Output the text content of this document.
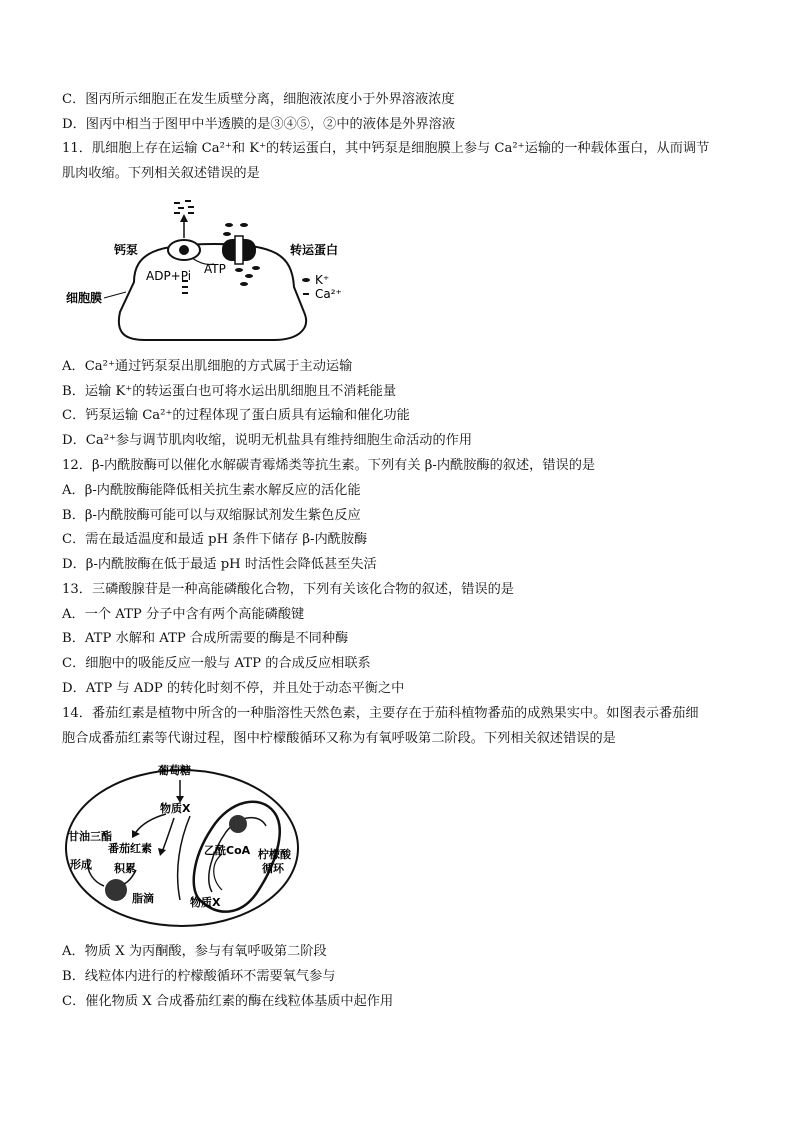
C．图丙所示细胞正在发生质壁分离，细胞液浓度小于外界溶液浓度
D．图丙中相当于图甲中半透膜的是③④⑤，②中的液体是外界溶液
11．肌细胞上存在运输 Ca²⁺和 K⁺的转运蛋白，其中钙泵是细胞膜上参与 Ca²⁺运输的一种载体蛋白，从而调节
肌肉收缩。下列相关叙述错误的是
钙泵	转运蛋白
ADP+Pi ATP
细胞膜
K⁺
Ca²⁺
A．Ca²⁺通过钙泵泵出肌细胞的方式属于主动运输
B．运输 K⁺的转运蛋白也可将水运出肌细胞且不消耗能量
C．钙泵运输 Ca²⁺的过程体现了蛋白质具有运输和催化功能
D．Ca²⁺参与调节肌肉收缩，说明无机盐具有维持细胞生命活动的作用
12．β-内酰胺酶可以催化水解碳青霉烯类等抗生素。下列有关 β-内酰胺酶的叙述，错误的是
A．β-内酰胺酶能降低相关抗生素水解反应的活化能
B．β-内酰胺酶可能可以与双缩脲试剂发生紫色反应
C．需在最适温度和最适 pH 条件下储存 β-内酰胺酶
D．β-内酰胺酶在低于最适 pH 时活性会降低甚至失活
13．三磷酸腺苷是一种高能磷酸化合物，下列有关该化合物的叙述，错误的是
A．一个 ATP 分子中含有两个高能磷酸键
B．ATP 水解和 ATP 合成所需要的酶是不同种酶
C．细胞中的吸能反应一般与 ATP 的合成反应相联系
D．ATP 与 ADP 的转化时刻不停，并且处于动态平衡之中
14．番茄红素是植物中所含的一种脂溶性天然色素，主要存在于茄科植物番茄的成熟果实中。如图表示番茄细
胞合成番茄红素等代谢过程，图中柠檬酸循环又称为有氧呼吸第二阶段。下列相关叙述错误的是
葡萄糖
物质X
甘油三酯
番茄红素
积累
形成
脂滴
乙酰CoA 柠檬酸
循环
物质X
A．物质 X 为丙酮酸，参与有氧呼吸第二阶段
B．线粒体内进行的柠檬酸循环不需要氧气参与
C．催化物质 X 合成番茄红素的酶在线粒体基质中起作用
